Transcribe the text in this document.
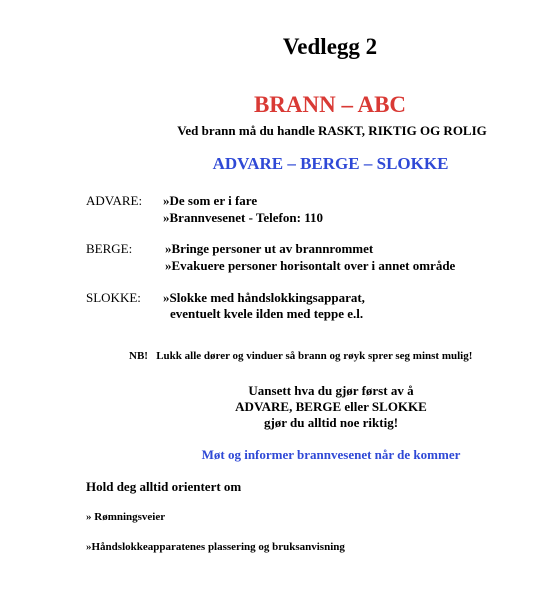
Vedlegg 2
BRANN – ABC
Ved brann må du handle RASKT, RIKTIG OG ROLIG
ADVARE – BERGE – SLOKKE
ADVARE: »De som er i fare
»Brannvesenet - Telefon: 110
BERGE:	»Bringe personer ut av brannrommet
»Evakuere personer horisontalt over i annet område
SLOKKE: »Slokke med håndslokkingsapparat,
eventuelt kvele ilden med teppe e.l.
NB! Lukk alle dører og vinduer så brann og røyk sprer seg minst mulig!
Uansett hva du gjør først av å
ADVARE, BERGE eller SLOKKE
gjør du alltid noe riktig!
Møt og informer brannvesenet når de kommer
Hold deg alltid orientert om
» Rømningsveier
»Håndslokkeapparatenes plassering og bruksanvisning
